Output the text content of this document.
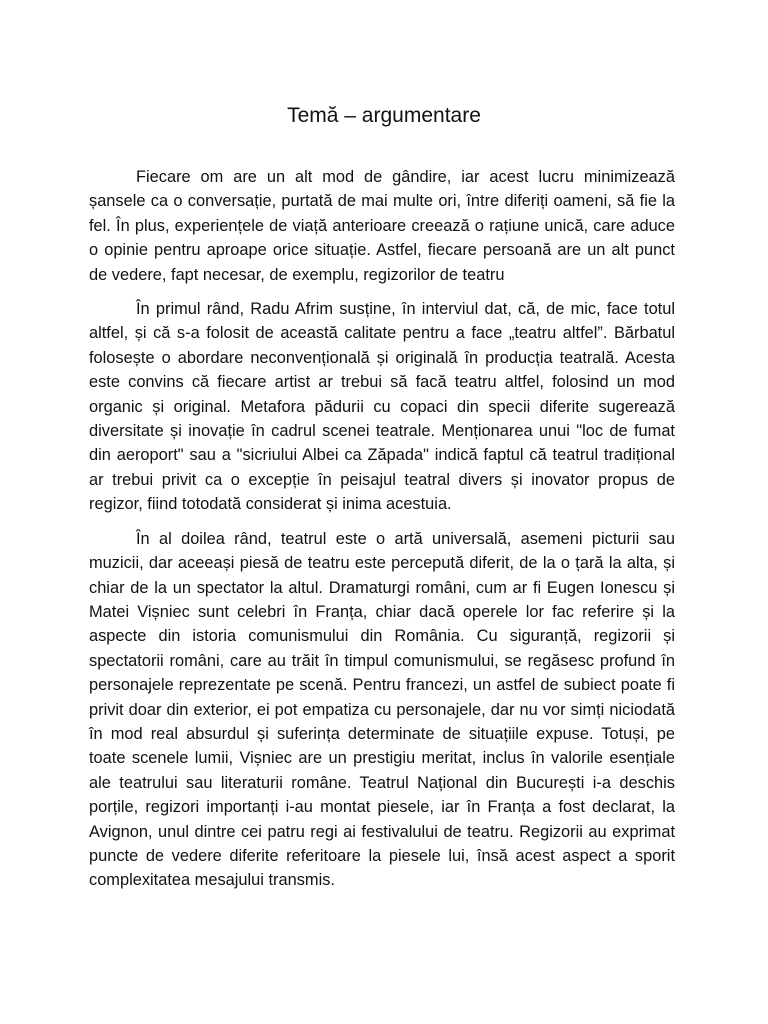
Temă – argumentare

Fiecare om are un alt mod de gândire, iar acest lucru minimizează șansele ca o conversație, purtată de mai multe ori, între diferiți oameni, să fie la fel. În plus, experiențele de viață anterioare creează o rațiune unică, care aduce o opinie pentru aproape orice situație. Astfel, fiecare persoană are un alt punct de vedere, fapt necesar, de exemplu, regizorilor de teatru

În primul rând, Radu Afrim susține, în interviul dat, că, de mic, face totul altfel, și că s-a folosit de această calitate pentru a face „teatru altfel”. Bărbatul folosește o abordare neconvențională și originală în producția teatrală. Acesta este convins că fiecare artist ar trebui să facă teatru altfel, folosind un mod organic și original. Metafora pădurii cu copaci din specii diferite sugerează diversitate și inovație în cadrul scenei teatrale. Menționarea unui "loc de fumat din aeroport" sau a "sicriului Albei ca Zăpada" indică faptul că teatrul tradițional ar trebui privit ca o excepție în peisajul teatral divers și inovator propus de regizor, fiind totodată considerat și inima acestuia.

În al doilea rând, teatrul este o artă universală, asemeni picturii sau muzicii, dar aceeași piesă de teatru este percepută diferit, de la o țară la alta, și chiar de la un spectator la altul. Dramaturgi români, cum ar fi Eugen Ionescu și Matei Vișniec sunt celebri în Franța, chiar dacă operele lor fac referire și la aspecte din istoria comunismului din România. Cu siguranță, regizorii și spectatorii români, care au trăit în timpul comunismului, se regăsesc profund în personajele reprezentate pe scenă. Pentru francezi, un astfel de subiect poate fi privit doar din exterior, ei pot empatiza cu personajele, dar nu vor simți niciodată în mod real absurdul și suferința determinate de situațiile expuse. Totuși, pe toate scenele lumii, Vișniec are un prestigiu meritat, inclus în valorile esențiale ale teatrului sau literaturii române. Teatrul Național din București i-a deschis porțile, regizori importanți i-au montat piesele, iar în Franța a fost declarat, la Avignon, unul dintre cei patru regi ai festivalului de teatru. Regizorii au exprimat puncte de vedere diferite referitoare la piesele lui, însă acest aspect a sporit complexitatea mesajului transmis.
